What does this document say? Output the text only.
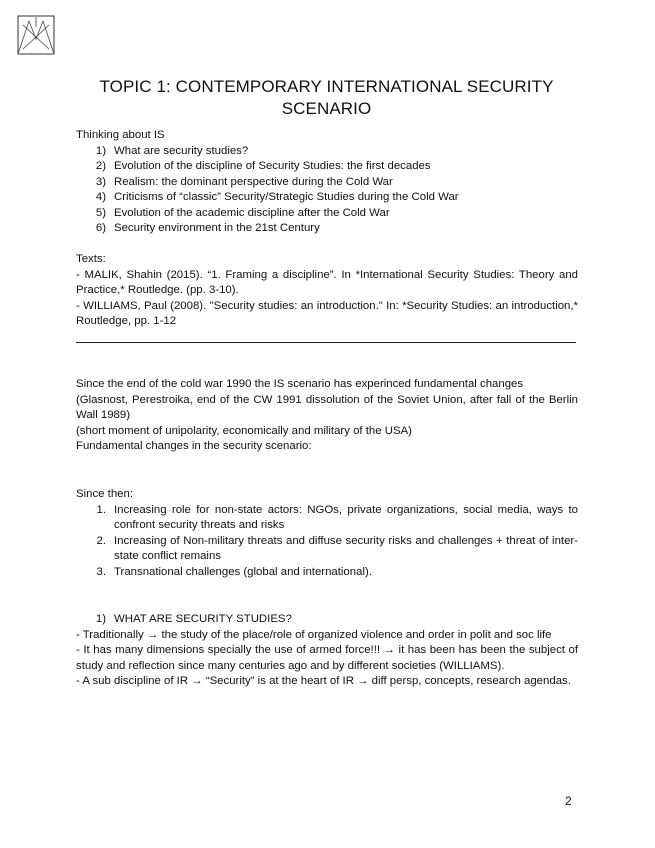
TOPIC 1: CONTEMPORARY INTERNATIONAL SECURITY
SCENARIO
Thinking about IS
1) What are security studies?
2) Evolution of the discipline of Security Studies: the first decades
3) Realism: the dominant perspective during the Cold War
4) Criticisms of “classic” Security/Strategic Studies during the Cold War
5) Evolution of the academic discipline after the Cold War
6) Security environment in the 21st Century
Texts:
- MALIK, Shahin (2015). “1. Framing a discipline”. In *International Security Studies: Theory and Practice,* Routledge. (pp. 3-10).
- WILLIAMS, Paul (2008). "Security studies: an introduction." In: *Security Studies: an introduction,* Routledge, pp. 1-12
Since the end of the cold war 1990 the IS scenario has experinced fundamental changes
(Glasnost, Perestroika, end of the CW 1991 dissolution of the Soviet Union, after fall of the Berlin Wall 1989)
(short moment of unipolarity, economically and military of the USA)
Fundamental changes in the security scenario:
Since then:
1. Increasing role for non-state actors: NGOs, private organizations, social media, ways to confront security threats and risks
2. Increasing of Non-military threats and diffuse security risks and challenges + threat of inter-state conflict remains
3. Transnational challenges (global and international).
1) WHAT ARE SECURITY STUDIES?
- Traditionally → the study of the place/role of organized violence and order in polit and soc life
- It has many dimensions specially the use of armed force!!! → it has been has been the subject of study and reflection since many centuries ago and by different societies (WILLIAMS).
- A sub discipline of IR → “Security” is at the heart of IR → diff persp, concepts, research agendas.
2
